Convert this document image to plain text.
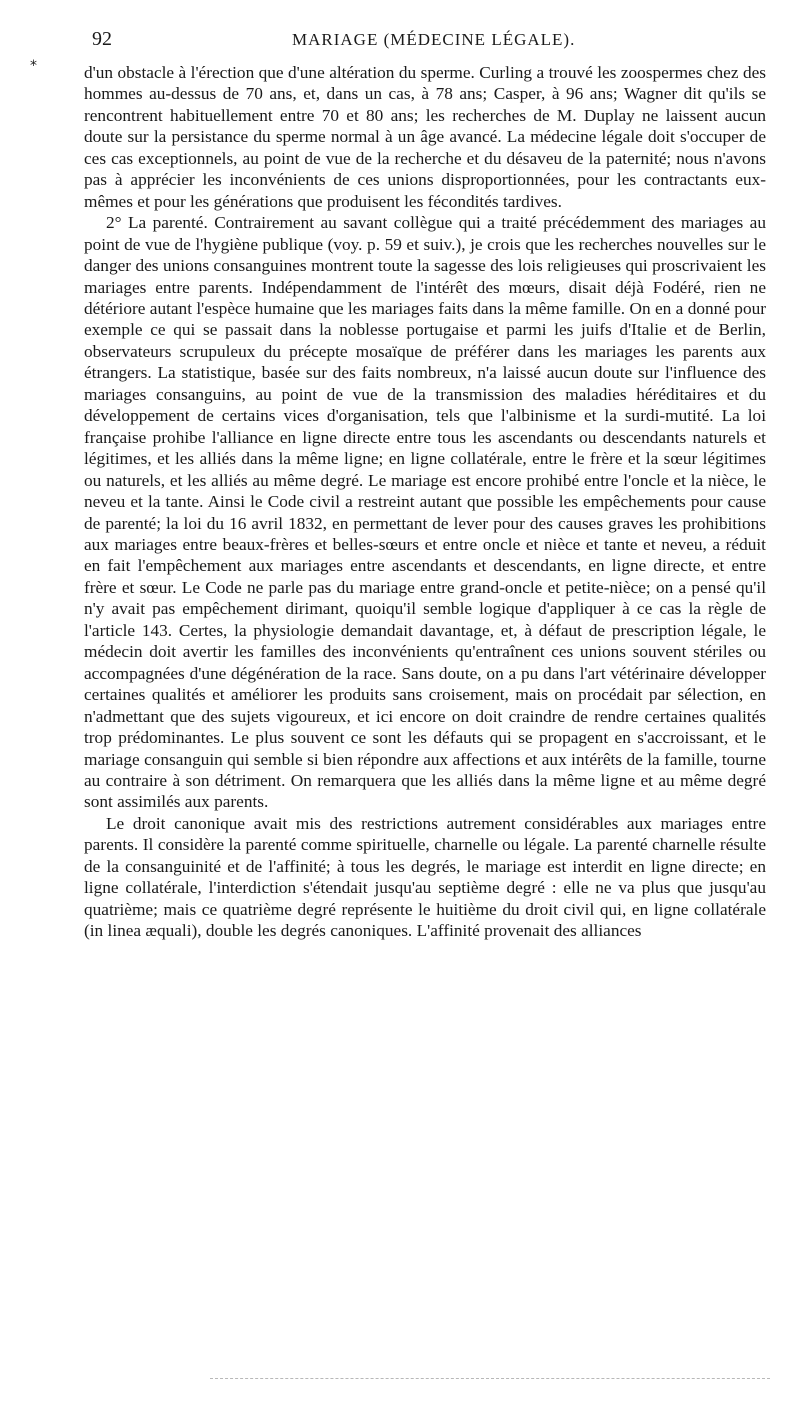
92	MARIAGE (MÉDECINE LÉGALE).
*	d'un obstacle à l'érection que d'une altération du sperme. Curling a trouvé les zoospermes chez des hommes au-dessus de 70 ans, et, dans un cas, à 78 ans; Casper, à 96 ans; Wagner dit qu'ils se rencontrent habituellement entre 70 et 80 ans; les recherches de M. Duplay ne laissent aucun doute sur la persistance du sperme normal à un âge avancé. La médecine légale doit s'occuper de ces cas exceptionnels, au point de vue de la recherche et du désaveu de la paternité; nous n'avons pas à apprécier les inconvénients de ces unions disproportionnées, pour les contractants eux-mêmes et pour les générations que produisent les fécondités tardives.

2° La parenté. Contrairement au savant collègue qui a traité précédemment des mariages au point de vue de l'hygiène publique (voy. p. 59 et suiv.), je crois que les recherches nouvelles sur le danger des unions consanguines montrent toute la sagesse des lois religieuses qui proscrivaient les mariages entre parents. Indépendamment de l'intérêt des mœurs, disait déjà Fodéré, rien ne détériore autant l'espèce humaine que les mariages faits dans la même famille. On en a donné pour exemple ce qui se passait dans la noblesse portugaise et parmi les juifs d'Italie et de Berlin, observateurs scrupuleux du précepte mosaïque de préférer dans les mariages les parents aux étrangers. La statistique, basée sur des faits nombreux, n'a laissé aucun doute sur l'influence des mariages consanguins, au point de vue de la transmission des maladies héréditaires et du développement de certains vices d'organisation, tels que l'albinisme et la surdi-mutité. La loi française prohibe l'alliance en ligne directe entre tous les ascendants ou descendants naturels et légitimes, et les alliés dans la même ligne; en ligne collatérale, entre le frère et la sœur légitimes ou naturels, et les alliés au même degré. Le mariage est encore prohibé entre l'oncle et la nièce, le neveu et la tante. Ainsi le Code civil a restreint autant que possible les empêchements pour cause de parenté; la loi du 16 avril 1832, en permettant de lever pour des causes graves les prohibitions aux mariages entre beaux-frères et belles-sœurs et entre oncle et nièce et tante et neveu, a réduit en fait l'empêchement aux mariages entre ascendants et descendants, en ligne directe, et entre frère et sœur. Le Code ne parle pas du mariage entre grand-oncle et petite-nièce; on a pensé qu'il n'y avait pas empêchement dirimant, quoiqu'il semble logique d'appliquer à ce cas la règle de l'article 143. Certes, la physiologie demandait davantage, et, à défaut de prescription légale, le médecin doit avertir les familles des inconvénients qu'entraînent ces unions souvent stériles ou accompagnées d'une dégénération de la race. Sans doute, on a pu dans l'art vétérinaire développer certaines qualités et améliorer les produits sans croisement, mais on procédait par sélection, en n'admettant que des sujets vigoureux, et ici encore on doit craindre de rendre certaines qualités trop prédominantes. Le plus souvent ce sont les défauts qui se propagent en s'accroissant, et le mariage consanguin qui semble si bien répondre aux affections et aux intérêts de la famille, tourne au contraire à son détriment. On remarquera que les alliés dans la même ligne et au même degré sont assimilés aux parents.

Le droit canonique avait mis des restrictions autrement considérables aux mariages entre parents. Il considère la parenté comme spirituelle, charnelle ou légale. La parenté charnelle résulte de la consanguinité et de l'affinité; à tous les degrés, le mariage est interdit en ligne directe; en ligne collatérale, l'interdiction s'étendait jusqu'au septième degré : elle ne va plus que jusqu'au quatrième; mais ce quatrième degré représente le huitième du droit civil qui, en ligne collatérale (in linea æquali), double les degrés canoniques. L'affinité provenait des alliances
